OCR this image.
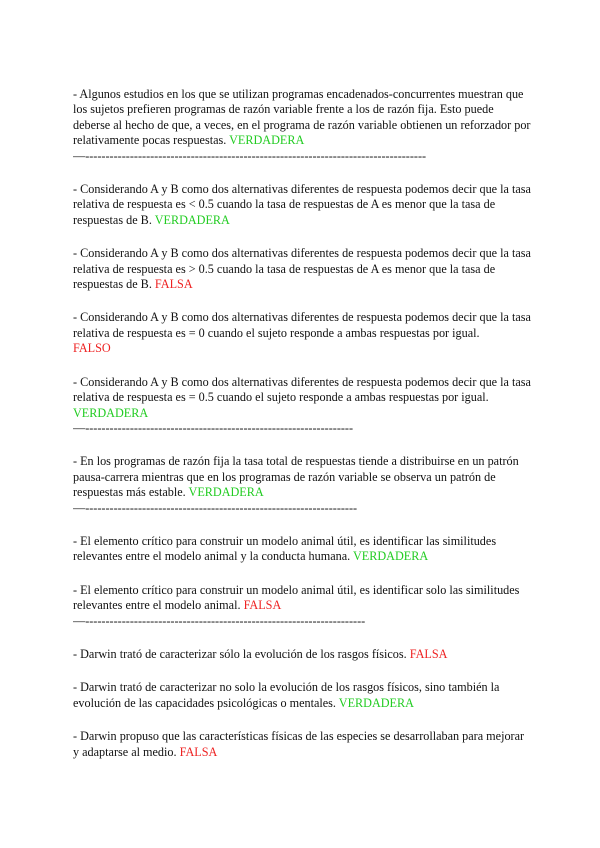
- Algunos estudios en los que se utilizan programas encadenados-concurrentes muestran que los sujetos prefieren programas de razón variable frente a los de razón fija. Esto puede deberse al hecho de que, a veces, en el programa de razón variable obtienen un reforzador por relativamente pocas respuestas. VERDADERA

—------------------------------------------------------------------------------------

- Considerando A y B como dos alternativas diferentes de respuesta podemos decir que la tasa relativa de respuesta es < 0.5 cuando la tasa de respuestas de A es menor que la tasa de respuestas de B. VERDADERA

- Considerando A y B como dos alternativas diferentes de respuesta podemos decir que la tasa relativa de respuesta es > 0.5 cuando la tasa de respuestas de A es menor que la tasa de respuestas de B. FALSA

- Considerando A y B como dos alternativas diferentes de respuesta podemos decir que la tasa relativa de respuesta es = 0 cuando el sujeto responde a ambas respuestas por igual.
FALSO

- Considerando A y B como dos alternativas diferentes de respuesta podemos decir que la tasa relativa de respuesta es = 0.5 cuando el sujeto responde a ambas respuestas por igual.
VERDADERA

—------------------------------------------------------------------

- En los programas de razón fija la tasa total de respuestas tiende a distribuirse en un patrón pausa-carrera mientras que en los programas de razón variable se observa un patrón de respuestas más estable. VERDADERA

—-------------------------------------------------------------------

- El elemento crítico para construir un modelo animal útil, es identificar las similitudes relevantes entre el modelo animal y la conducta humana. VERDADERA

- El elemento crítico para construir un modelo animal útil, es identificar solo las similitudes relevantes entre el modelo animal. FALSA

—---------------------------------------------------------------------

- Darwin trató de caracterizar sólo la evolución de los rasgos físicos. FALSA

- Darwin trató de caracterizar no solo la evolución de los rasgos físicos, sino también la evolución de las capacidades psicológicas o mentales. VERDADERA

- Darwin propuso que las características físicas de las especies se desarrollaban para mejorar y adaptarse al medio. FALSA
